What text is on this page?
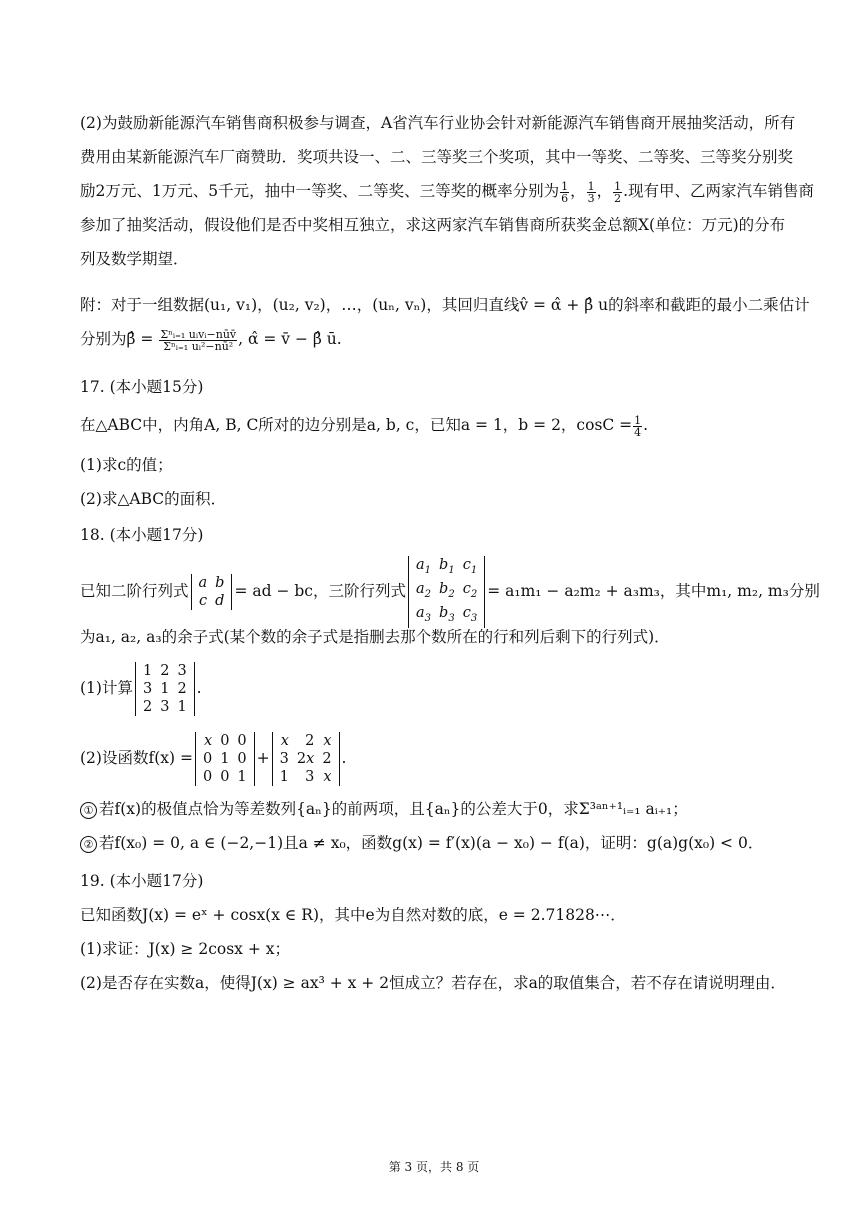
(2)为鼓励新能源汽车销售商积极参与调查，A省汽车行业协会针对新能源汽车销售商开展抽奖活动，所有
费用由某新能源汽车厂商赞助．奖项共设一、二、三等奖三个奖项，其中一等奖、二等奖、三等奖分别奖
励2万元、1万元、5千元，抽中一等奖、二等奖、三等奖的概率分别为 $\frac{1}{6}$ ， $\frac{1}{3}$ ， $\frac{1}{2}$ .现有甲、乙两家汽车销售商
参加了抽奖活动，假设他们是否中奖相互独立，求这两家汽车销售商所获奖金总额X(单位：万元)的分布
列及数学期望．
附：对于一组数据(u₁, v₁)，(u₂, v₂)，…，(uₙ, vₙ)，其回归直线v̂ = α̂ + β̂ u的斜率和截距的最小二乘估计
分别为β̂ = $\frac{\text{Σⁿᵢ₌₁ uᵢvᵢ−nūv̄}}{\text{Σⁿᵢ₌₁ uᵢ²−nū²}}$ , α̂ = v̄ − β̂ ū.
17. (本小题15分)
在△ABC中，内角A, B, C所对的边分别是a, b, c，已知a = 1，b = 2，$\cos C = \frac{1}{4}$ .
(1)求c的值；
(2)求△ABC的面积．
18. (本小题17分)
已知二阶行列式 a	b
c	d
= ad − bc，三阶行列式
$a_1$	$b_1$	$c_1$
$a_2$	$b_2$	$c_2$
$a_3$	$b_3$	$c_3$
= a₁m₁ − a₂m₂ + a₃m₃，其中m₁, m₂, m₃分别
为a₁, a₂, a₃的余子式(某个数的余子式是指删去那个数所在的行和列后剩下的行列式)．
(1)计算
1	2	3
3	1	2
2	3	1
.
(2)设函数f(x) =
x	0	0
0	1	0
0	0	1
+
x	2	x
3	2x	2
1	3	x
.
① 若f(x)的极值点恰为等差数列{aₙ}的前两项，且{aₙ}的公差大于0，求Σ³ᵃⁿ⁺¹ᵢ₌₁ aᵢ₊₁；
② 若f(x₀) = 0, a ∈ (−2,−1)且a ≠ x₀，函数g(x) = f′(x)(a − x₀) − f(a)，证明：g(a)g(x₀) < 0．
19. (本小题17分)
已知函数J(x) = eˣ + cosx(x ∈ R)，其中e为自然对数的底，e = 2.71828⋯．
(1)求证：J(x) ≥ 2cosx + x；
(2)是否存在实数a，使得J(x) ≥ ax³ + x + 2恒成立？若存在，求a的取值集合，若不存在请说明理由．
第 3 页，共 8 页
